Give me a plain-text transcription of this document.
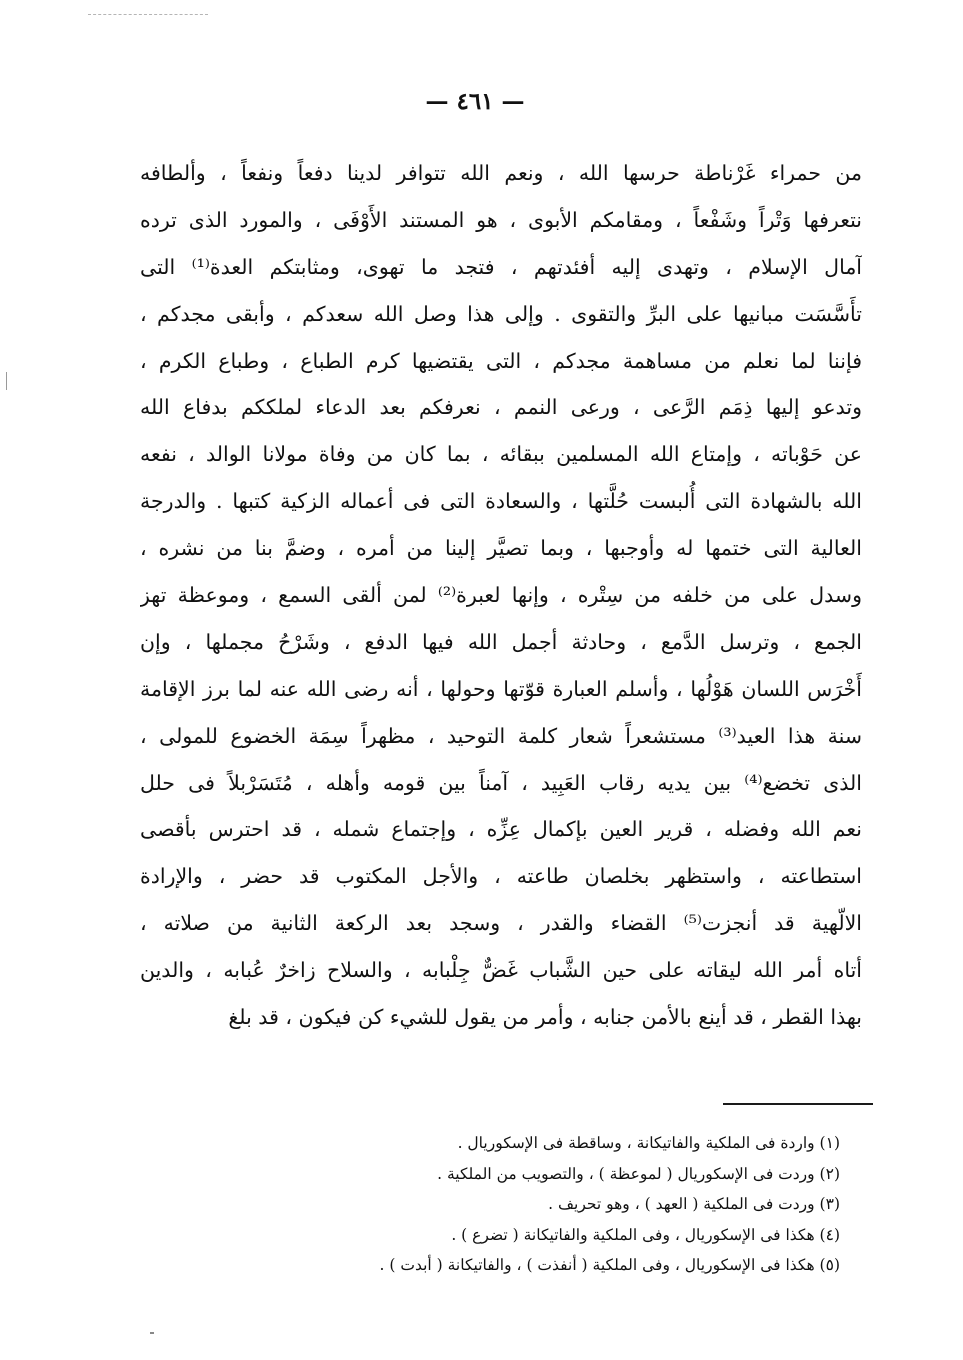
— ٤٦١ —
من حمراء غَرْناطة حرسها الله ، ونعم الله تتوافر لدينا دفعاً ونفعاً ، وألطافه
نتعرفها وَتْراً وشَفْعاً ، ومقامكم الأبوى ، هو المستند الأَوْفَى ، والمورد الذى ترده
آمال الإسلام ، وتهدى إليه أفئدتهم ، فتجد ما تهوى، ومثابتكم العدة⁽¹⁾ التى
تأَسَّسَت مبانيها على البرِّ والتقوى . وإلى هذا وصل الله سعدكم ، وأبقى مجدكم ،
فإننا لما نعلم من مساهمة مجدكم ، التى يقتضيها كرم الطباع ، وطباع الكرم ،
وتدعو إليها ذِمَم الرَّعى ، ورعى النمم ، نعرفكم بعد الدعاء لملككم بدفاع الله
عن حَوْباته ، وإمتاع الله المسلمين ببقائه ، بما كان من وفاة مولانا الوالد ، نفعه
الله بالشهادة التى أُلبست حُلَّتها ، والسعادة التى فى أعماله الزكية كتبها . والدرجة
العالية التى ختمها له وأوجبها ، وبما تصيَّر إلينا من أمره ، وضمَّ بنا من نشره ،
وسدل على من خلفه من سِتْره ، وإنها لعبرة⁽²⁾ لمن ألقى السمع ، وموعظة تهز
الجمع ، وترسل الدَّمع ، وحادثة أجمل الله فيها الدفع ، وشَرْحُ مجملها ، وإن
أَخْرَس اللسان هَوْلُها ، وأسلم العبارة قوّتها وحولها ، أنه رضى الله عنه لما برز الإقامة
سنة هذا العيد⁽³⁾ مستشعراً شعار كلمة التوحيد ، مظهراً سِمَة الخضوع للمولى ،
الذى تخضع⁽⁴⁾ بين يديه رقاب العَبِيد ، آمناً بين قومه وأهله ، مُتَسَرْبلاً فى حلل
نعم الله وفضله ، قرير العين بإكمال عِزِّه ، وإجتماع شمله ، قد احترس بأقصى
استطاعته ، واستظهر بخلصان طاعته ، والأجل المكتوب قد حضر ، والإرادة
الالّهية قد أنجزت⁽⁵⁾ القضاء والقدر ، وسجد بعد الركعة الثانية من صلاته ،
أتاه أمر الله ليقاته على حين الشَّباب غَضٌّ جِلْبابه ، والسلاح زاخرٌ عُبابه ، والدين
بهذا القطر ، قد أينع بالأمن جنابه ، وأمر من يقول للشيء كن فيكون ، قد بلغ
(١) واردة فى الملكية والفاتيكانة ، وساقطة فى الإسكوريال .
(٢) وردت فى الإسكوريال ( لموعظة ) ، والتصويب من الملكية .
(٣) وردت فى الملكية ( العهد ) ، وهو تحريف .
(٤) هكذا فى الإسكوريال ، وفى الملكية والفاتيكانة ( تضرع ) .
(٥) هكذا فى الإسكوريال ، وفى الملكية ( أنفذت ) ، والفاتيكانة ( أبدت ) .
